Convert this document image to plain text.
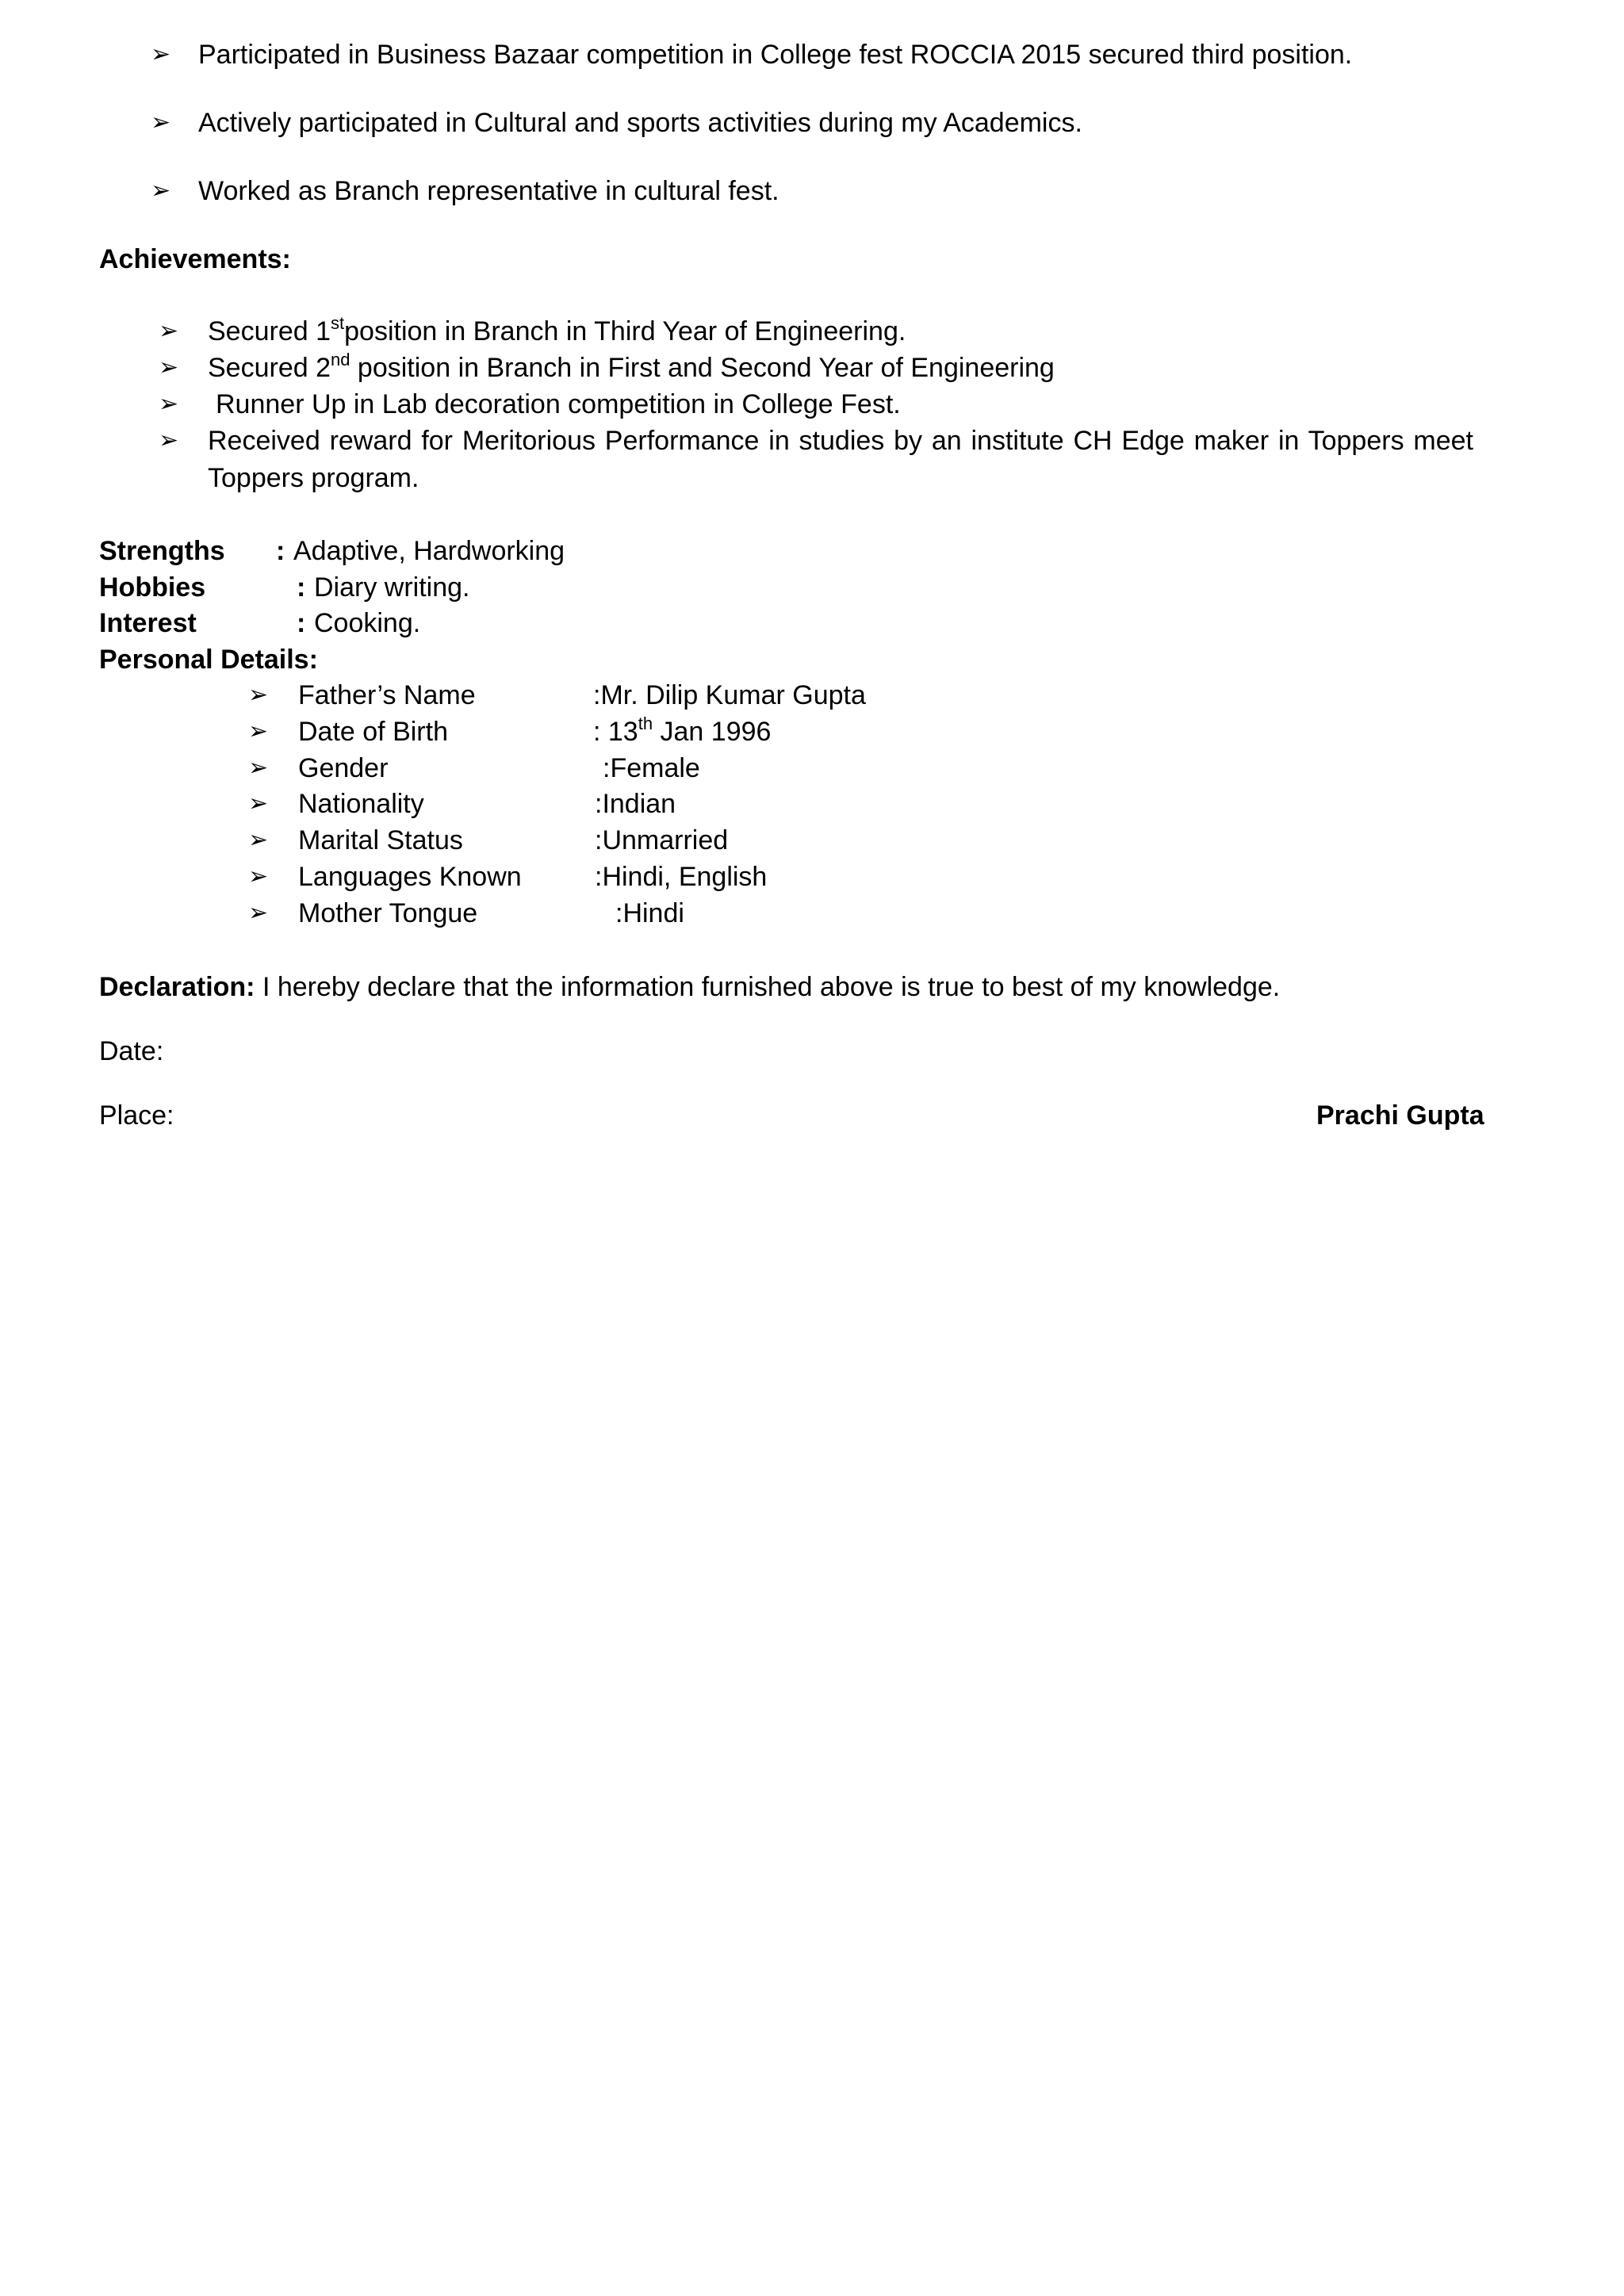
➢ Participated in Business Bazaar competition in College fest ROCCIA 2015 secured third position.
➢ Actively participated in Cultural and sports activities during my Academics.
➢ Worked as Branch representative in cultural fest.
Achievements:
➢ Secured 1stposition in Branch in Third Year of Engineering.
➢ Secured 2nd position in Branch in First and Second Year of Engineering
➢ Runner Up in Lab decoration competition in College Fest.
➢ Received reward for Meritorious Performance in studies by an institute CH Edge maker in Toppers meet
Toppers program.
Strengths : Adaptive, Hardworking
Hobbies	: Diary writing.
Interest	: Cooking.
Personal Details:
➢ Father’s Name	:Mr. Dilip Kumar Gupta
➢ Date of Birth	: 13th Jan 1996
➢ Gender	:Female
➢ Nationality	:Indian
➢ Marital Status	:Unmarried
➢ Languages Known	:Hindi, English
➢ Mother Tongue	:Hindi
Declaration: I hereby declare that the information furnished above is true to best of my knowledge.
Date:
Place:	Prachi Gupta
